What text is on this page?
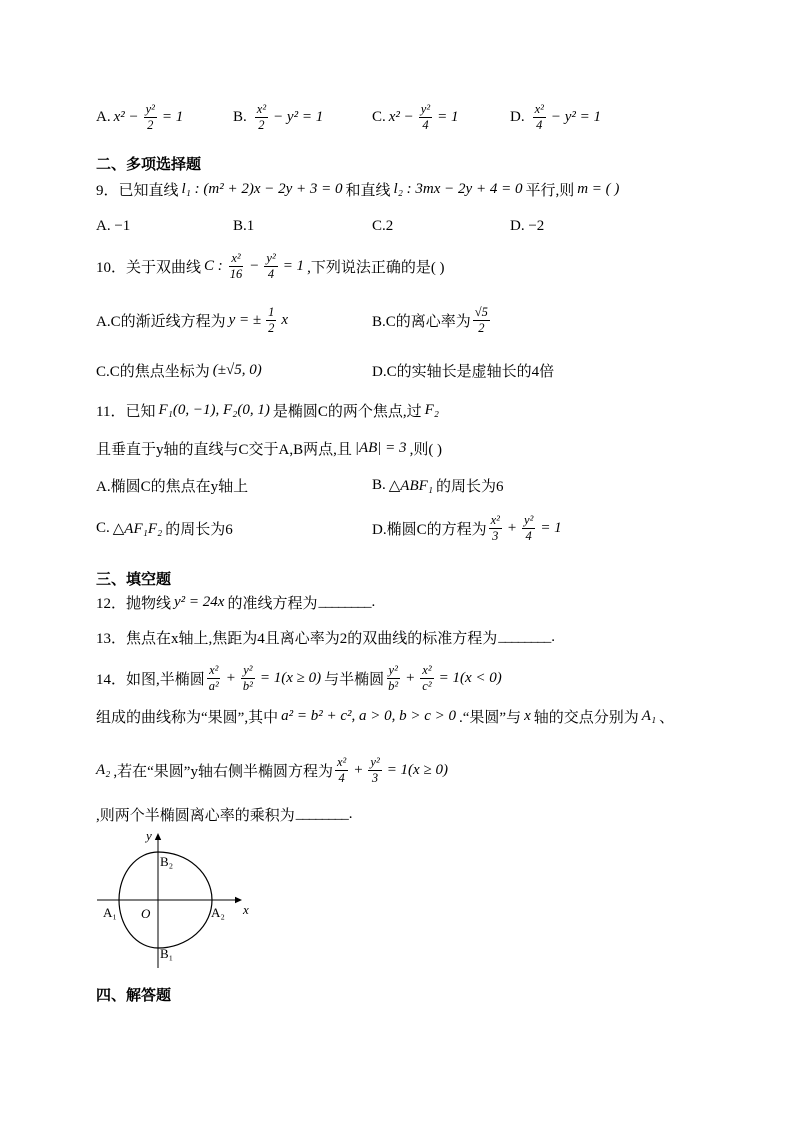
A. $x^2 - \frac{\text{y²}}{2} = 1$	B. $\frac{\text{x²}}{2} - y^2 = 1$	C. $x^2 - \frac{\text{y²}}{4} = 1$	D. $\frac{\text{x²}}{4} - y^2 = 1$
二、多项选择题
9．已知直线 l₁ : (m² + 2)x − 2y + 3 = 0 和直线 l₂ : 3mx − 2y + 4 = 0 平行,则 m = ( )
A. −1	B.1	C.2	D. −2
10．关于双曲线 C : $\frac{\text{x²}}{16} - \frac{\text{y²}}{4} = 1$ ,下列说法正确的是( )
A.C的渐近线方程为 y = ± $\frac{1}{2}$ x	B.C的离心率为 $\frac{√5}{2}$
C.C的焦点坐标为 (±√5, 0)	D.C的实轴长是虚轴长的4倍
11．已知 F₁(0, −1), F₂(0, 1) 是椭圆C的两个焦点,过 F₂
且垂直于y轴的直线与C交于A,B两点,且 |AB| = 3 ,则( )
A.椭圆C的焦点在y轴上	B. △ABF₁ 的周长为6
C. △AF₁F₂ 的周长为6	D.椭圆C的方程为 $\frac{\text{x²}}{3} + \frac{\text{y²}}{4} = 1$
三、填空题
12．抛物线 y² = 24x 的准线方程为 ________ .
13．焦点在x轴上,焦距为4且离心率为2的双曲线的标准方程为 ________ .
14．如图,半椭圆 $\frac{\text{x²}}{\text{a²}} + \frac{\text{y²}}{\text{b²}} = 1(x \ge 0)$ 与半椭圆 $\frac{\text{y²}}{\text{b²}} + \frac{\text{x²}}{\text{c²}} = 1(x < 0)$
组成的曲线称为“果圆”,其中 a² = b² + c², a > 0, b > c > 0 .“果圆”与 x 轴的交点分别为 A₁ 、
A₂ ,若在“果圆”y轴右侧半椭圆方程为 $\frac{\text{x²}}{4} + \frac{\text{y²}}{3} = 1(x \ge 0)$
,则两个半椭圆离心率的乘积为 ________ .
y
x
A₁ O	A₂
B₂
B₁
四、解答题
